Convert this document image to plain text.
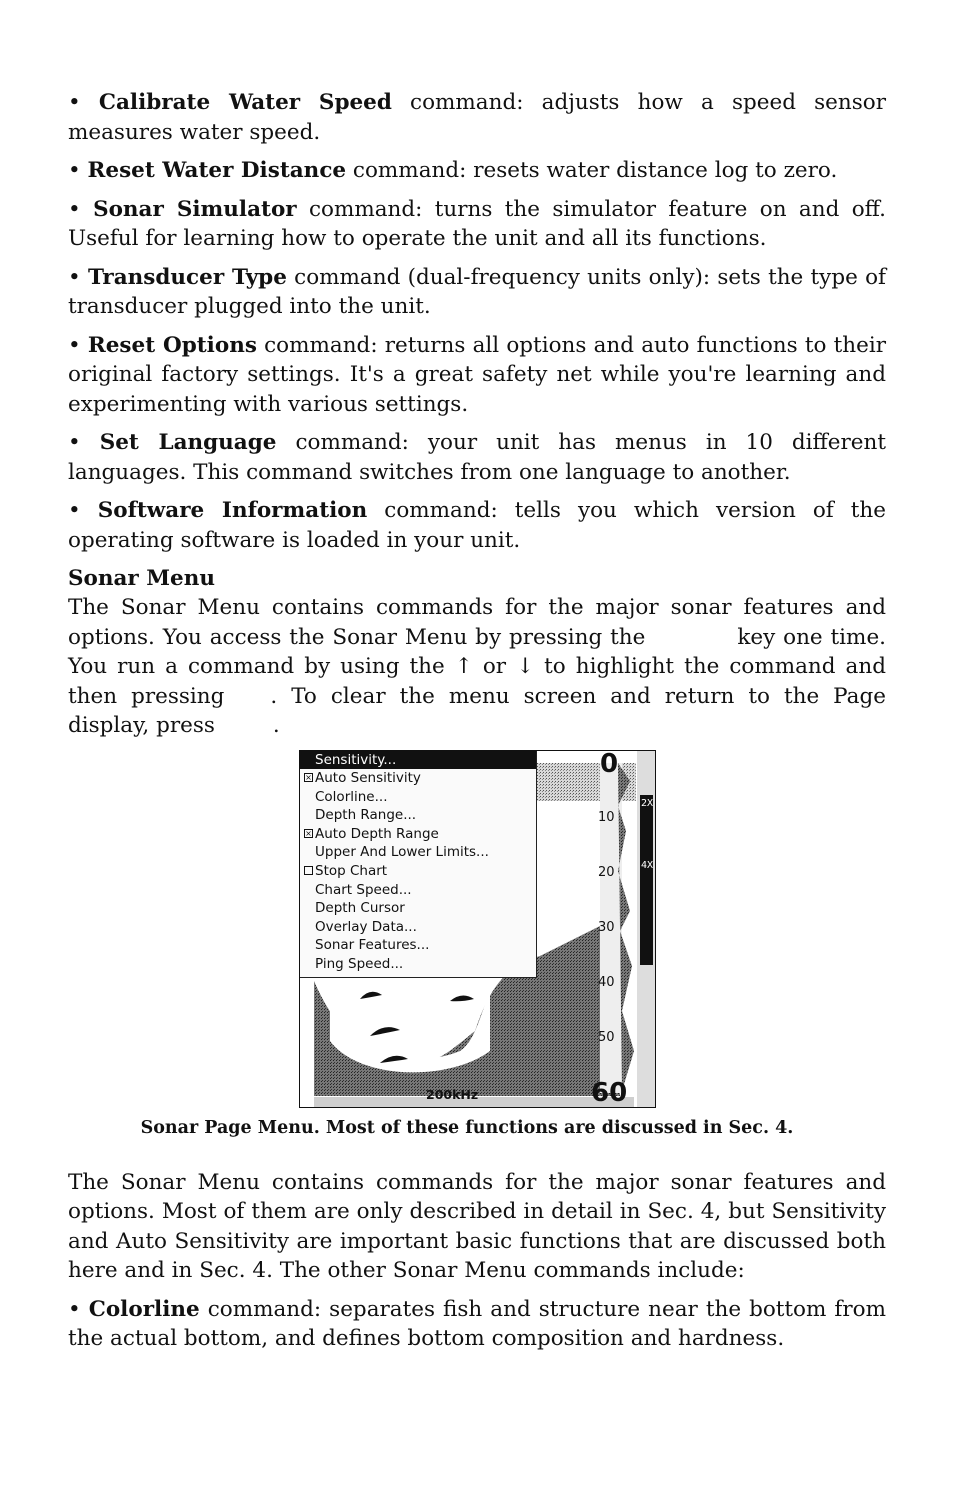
• Calibrate Water Speed command: adjusts how a speed sensor measures water speed.

• Reset Water Distance command: resets water distance log to zero.

• Sonar Simulator command: turns the simulator feature on and off. Useful for learning how to operate the unit and all its functions.

• Transducer Type command (dual-frequency units only): sets the type of transducer plugged into the unit.

• Reset Options command: returns all options and auto functions to their original factory settings. It's a great safety net while you're learning and experimenting with various settings.

• Set Language command: your unit has menus in 10 different languages. This command switches from one language to another.

• Software Information command: tells you which version of the operating software is loaded in your unit.

Sonar Menu

The Sonar Menu contains commands for the major sonar features and options. You access the Sonar Menu by pressing the	key one time. You run a command by using the ↑ or ↓ to highlight the command and then pressing . To clear the menu screen and return to the Page display, press	.

0
10
20
30
40
50
60
200kHz
2X
4X
Sensitivity...
× Auto Sensitivity
Colorline...
Depth Range...
× Auto Depth Range
Upper And Lower Limits...
Stop Chart
Chart Speed...
Depth Cursor
Overlay Data...
Sonar Features...
Ping Speed...

Sonar Page Menu. Most of these functions are discussed in Sec. 4.

The Sonar Menu contains commands for the major sonar features and options. Most of them are only described in detail in Sec. 4, but Sensitivity and Auto Sensitivity are important basic functions that are discussed both here and in Sec. 4. The other Sonar Menu commands include:

• Colorline command: separates fish and structure near the bottom from the actual bottom, and defines bottom composition and hardness.
